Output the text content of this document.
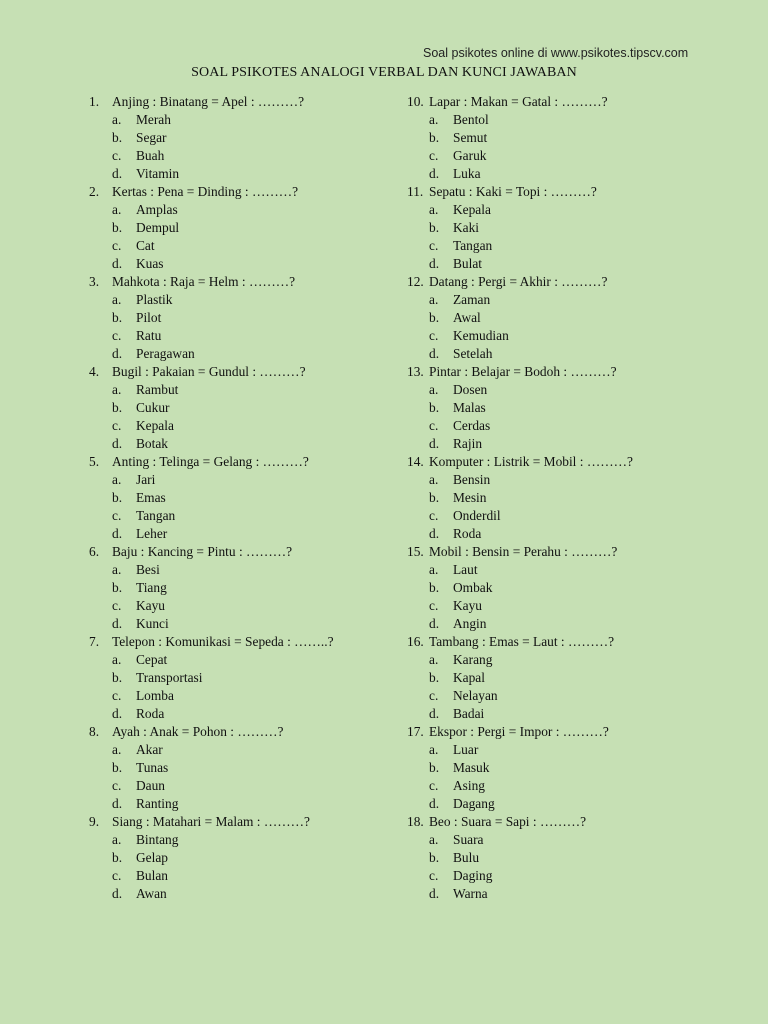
Soal psikotes online di www.psikotes.tipscv.com
SOAL PSIKOTES ANALOGI VERBAL DAN KUNCI JAWABAN
1. Anjing : Binatang = Apel : ………?
a. Merah
b. Segar
c. Buah
d. Vitamin
2. Kertas : Pena = Dinding : ………?
a. Amplas
b. Dempul
c. Cat
d. Kuas
3. Mahkota : Raja = Helm : ………?
a. Plastik
b. Pilot
c. Ratu
d. Peragawan
4. Bugil : Pakaian = Gundul : ………?
a. Rambut
b. Cukur
c. Kepala
d. Botak
5. Anting : Telinga = Gelang : ………?
a. Jari
b. Emas
c. Tangan
d. Leher
6. Baju : Kancing = Pintu : ………?
a. Besi
b. Tiang
c. Kayu
d. Kunci
7. Telepon : Komunikasi = Sepeda : ……..?
a. Cepat
b. Transportasi
c. Lomba
d. Roda
8. Ayah : Anak = Pohon : ………?
a. Akar
b. Tunas
c. Daun
d. Ranting
9. Siang : Matahari = Malam : ………?
a. Bintang
b. Gelap
c. Bulan
d. Awan
10. Lapar : Makan = Gatal : ………?
a. Bentol
b. Semut
c. Garuk
d. Luka
11. Sepatu : Kaki = Topi : ………?
a. Kepala
b. Kaki
c. Tangan
d. Bulat
12. Datang : Pergi = Akhir : ………?
a. Zaman
b. Awal
c. Kemudian
d. Setelah
13. Pintar : Belajar = Bodoh : ………?
a. Dosen
b. Malas
c. Cerdas
d. Rajin
14. Komputer : Listrik = Mobil : ………?
a. Bensin
b. Mesin
c. Onderdil
d. Roda
15. Mobil : Bensin = Perahu : ………?
a. Laut
b. Ombak
c. Kayu
d. Angin
16. Tambang : Emas = Laut : ………?
a. Karang
b. Kapal
c. Nelayan
d. Badai
17. Ekspor : Pergi = Impor : ………?
a. Luar
b. Masuk
c. Asing
d. Dagang
18. Beo : Suara = Sapi : ………?
a. Suara
b. Bulu
c. Daging
d. Warna
